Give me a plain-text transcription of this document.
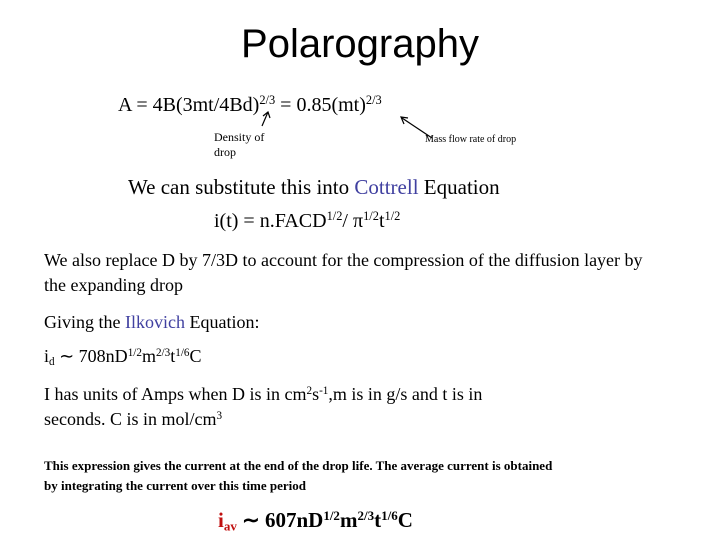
Polarography
$A = 4B(3mt/4Bd)^{2/3} = 0.85(mt)^{2/3}$
Density of
drop
Mass flow rate of drop
We can substitute this into Cottrell Equation
$i(t) = n.FACD^{1/2}/$ $\pi^{1/2}t^{1/2}$
We also replace D by 7/3D to account for the compression of the diffusion layer by the expanding drop
Giving the Ilkovich Equation:
$i_d$ ∼ $708nD^{1/2}m^{2/3}t^{1/6}C$
I has units of Amps when D is in $cm^2s^{-1},m$ is in g/s and t is in
seconds. C is in mol/$cm^3$
This expression gives the current at the end of the drop life. The average current is obtained by integrating the current over this time period
$i_{av}$ ∼ $607nD^{1/2}m^{2/3}t^{1/6}C$
